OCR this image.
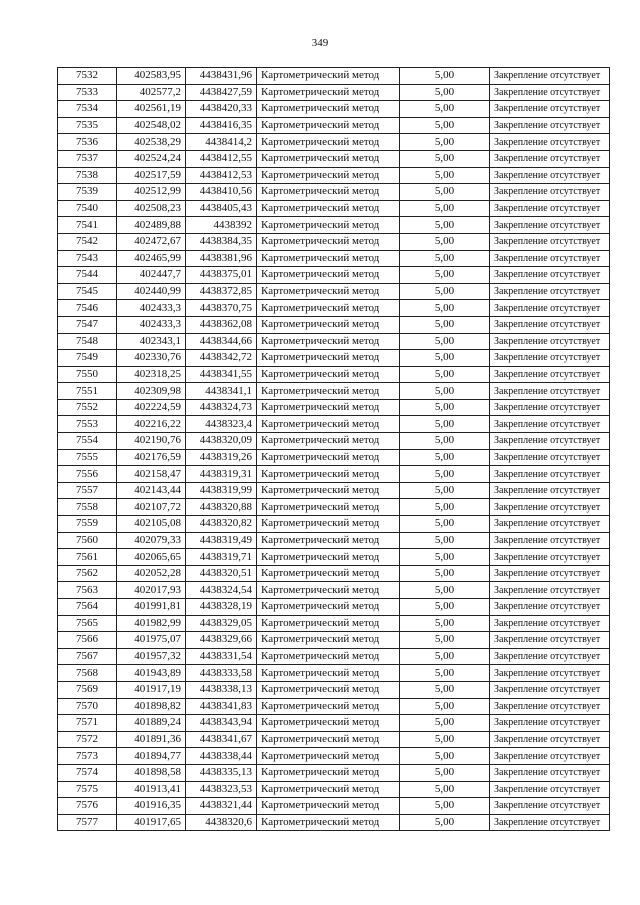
349
7532	402583,95	4438431,96	Картометрический метод	5,00	Закрепление отсутствует
7533	402577,2	4438427,59	Картометрический метод	5,00	Закрепление отсутствует
7534	402561,19	4438420,33	Картометрический метод	5,00	Закрепление отсутствует
7535	402548,02	4438416,35	Картометрический метод	5,00	Закрепление отсутствует
7536	402538,29	4438414,2	Картометрический метод	5,00	Закрепление отсутствует
7537	402524,24	4438412,55	Картометрический метод	5,00	Закрепление отсутствует
7538	402517,59	4438412,53	Картометрический метод	5,00	Закрепление отсутствует
7539	402512,99	4438410,56	Картометрический метод	5,00	Закрепление отсутствует
7540	402508,23	4438405,43	Картометрический метод	5,00	Закрепление отсутствует
7541	402489,88	4438392	Картометрический метод	5,00	Закрепление отсутствует
7542	402472,67	4438384,35	Картометрический метод	5,00	Закрепление отсутствует
7543	402465,99	4438381,96	Картометрический метод	5,00	Закрепление отсутствует
7544	402447,7	4438375,01	Картометрический метод	5,00	Закрепление отсутствует
7545	402440,99	4438372,85	Картометрический метод	5,00	Закрепление отсутствует
7546	402433,3	4438370,75	Картометрический метод	5,00	Закрепление отсутствует
7547	402433,3	4438362,08	Картометрический метод	5,00	Закрепление отсутствует
7548	402343,1	4438344,66	Картометрический метод	5,00	Закрепление отсутствует
7549	402330,76	4438342,72	Картометрический метод	5,00	Закрепление отсутствует
7550	402318,25	4438341,55	Картометрический метод	5,00	Закрепление отсутствует
7551	402309,98	4438341,1	Картометрический метод	5,00	Закрепление отсутствует
7552	402224,59	4438324,73	Картометрический метод	5,00	Закрепление отсутствует
7553	402216,22	4438323,4	Картометрический метод	5,00	Закрепление отсутствует
7554	402190,76	4438320,09	Картометрический метод	5,00	Закрепление отсутствует
7555	402176,59	4438319,26	Картометрический метод	5,00	Закрепление отсутствует
7556	402158,47	4438319,31	Картометрический метод	5,00	Закрепление отсутствует
7557	402143,44	4438319,99	Картометрический метод	5,00	Закрепление отсутствует
7558	402107,72	4438320,88	Картометрический метод	5,00	Закрепление отсутствует
7559	402105,08	4438320,82	Картометрический метод	5,00	Закрепление отсутствует
7560	402079,33	4438319,49	Картометрический метод	5,00	Закрепление отсутствует
7561	402065,65	4438319,71	Картометрический метод	5,00	Закрепление отсутствует
7562	402052,28	4438320,51	Картометрический метод	5,00	Закрепление отсутствует
7563	402017,93	4438324,54	Картометрический метод	5,00	Закрепление отсутствует
7564	401991,81	4438328,19	Картометрический метод	5,00	Закрепление отсутствует
7565	401982,99	4438329,05	Картометрический метод	5,00	Закрепление отсутствует
7566	401975,07	4438329,66	Картометрический метод	5,00	Закрепление отсутствует
7567	401957,32	4438331,54	Картометрический метод	5,00	Закрепление отсутствует
7568	401943,89	4438333,58	Картометрический метод	5,00	Закрепление отсутствует
7569	401917,19	4438338,13	Картометрический метод	5,00	Закрепление отсутствует
7570	401898,82	4438341,83	Картометрический метод	5,00	Закрепление отсутствует
7571	401889,24	4438343,94	Картометрический метод	5,00	Закрепление отсутствует
7572	401891,36	4438341,67	Картометрический метод	5,00	Закрепление отсутствует
7573	401894,77	4438338,44	Картометрический метод	5,00	Закрепление отсутствует
7574	401898,58	4438335,13	Картометрический метод	5,00	Закрепление отсутствует
7575	401913,41	4438323,53	Картометрический метод	5,00	Закрепление отсутствует
7576	401916,35	4438321,44	Картометрический метод	5,00	Закрепление отсутствует
7577	401917,65	4438320,6	Картометрический метод	5,00	Закрепление отсутствует
